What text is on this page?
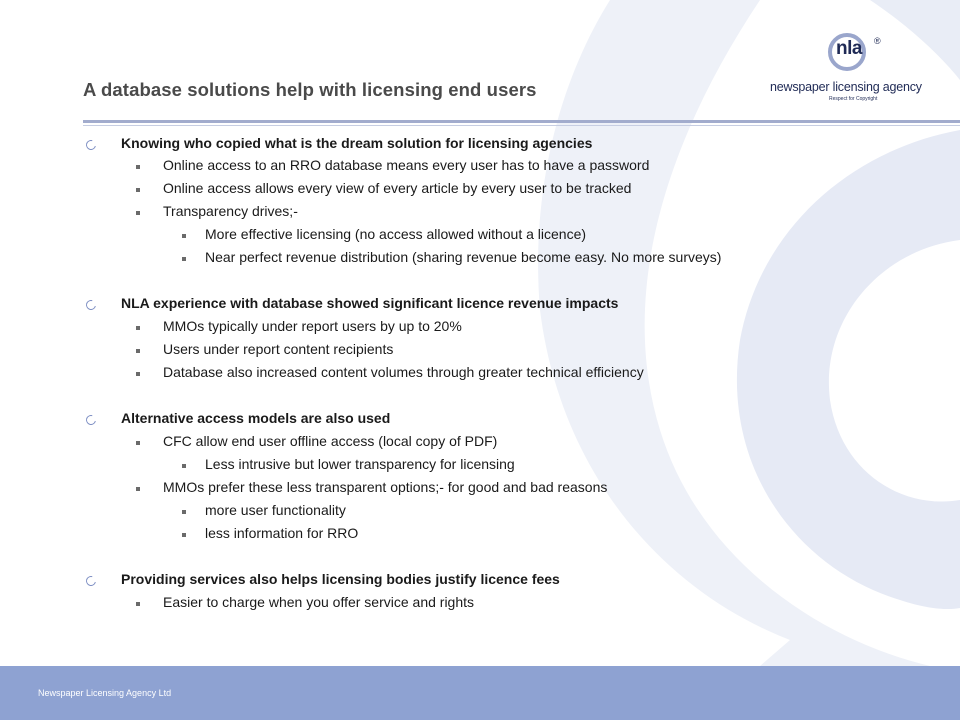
A database solutions help with licensing end users
nla	®
newspaper licensing agency
Respect for Copyright
Knowing who copied what is the dream solution for licensing agencies
Online access to an RRO database means every user has to have a password
Online access allows every view of every article by every user to be tracked
Transparency drives;-
More effective licensing (no access allowed without a licence)
Near perfect revenue distribution (sharing revenue become easy. No more surveys)
NLA experience with database showed significant licence revenue impacts
MMOs typically under report users by up to 20%
Users under report content recipients
Database also increased content volumes through greater technical efficiency
Alternative access models are also used
CFC allow end user offline access (local copy of PDF)
Less intrusive but lower transparency for licensing
MMOs prefer these less transparent options;- for good and bad reasons
more user functionality
less information for RRO
Providing services also helps licensing bodies justify licence fees
Easier to charge when you offer service and rights
Newspaper Licensing Agency Ltd
